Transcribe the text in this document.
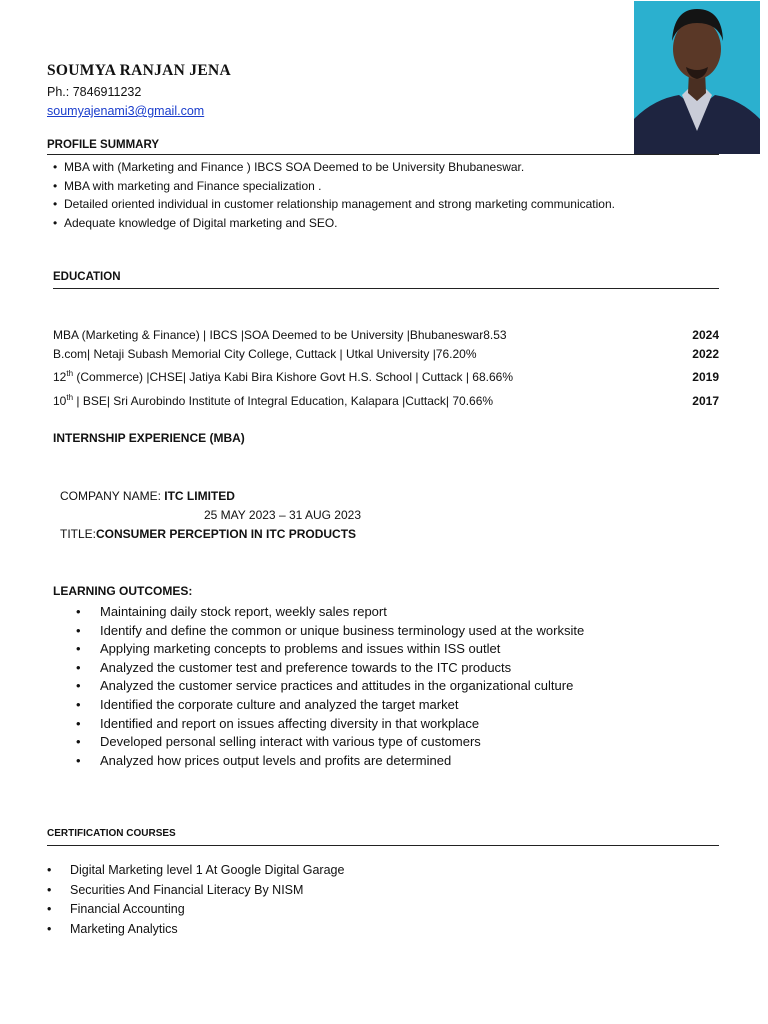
SOUMYA RANJAN JENA
Ph.: 7846911232
soumyajenami3@gmail.com
PROFILE SUMMARY
• MBA with (Marketing and Finance ) IBCS SOA Deemed to be University Bhubaneswar.
• MBA with marketing and Finance specialization .
• Detailed oriented individual in customer relationship management and strong marketing communication.
• Adequate knowledge of Digital marketing and SEO.
EDUCATION
MBA (Marketing & Finance) | IBCS |SOA Deemed to be University |Bhubaneswar8.53	2024
B.com| Netaji Subash Memorial City College, Cuttack | Utkal University |76.20%	2022
12th (Commerce) |CHSE| Jatiya Kabi Bira Kishore Govt H.S. School | Cuttack | 68.66%	2019
10th | BSE| Sri Aurobindo Institute of Integral Education, Kalapara |Cuttack| 70.66%	2017
INTERNSHIP EXPERIENCE (MBA)
COMPANY NAME: ITC LIMITED
25 MAY 2023 – 31 AUG 2023
TITLE:CONSUMER PERCEPTION IN ITC PRODUCTS
LEARNING OUTCOMES:
• Maintaining daily stock report, weekly sales report
• Identify and define the common or unique business terminology used at the worksite
• Applying marketing concepts to problems and issues within ISS outlet
• Analyzed the customer test and preference towards to the ITC products
• Analyzed the customer service practices and attitudes in the organizational culture
• Identified the corporate culture and analyzed the target market
• Identified and report on issues affecting diversity in that workplace
• Developed personal selling interact with various type of customers
• Analyzed how prices output levels and profits are determined
CERTIFICATION COURSES
• Digital Marketing level 1 At Google Digital Garage
• Securities And Financial Literacy By NISM
• Financial Accounting
• Marketing Analytics
